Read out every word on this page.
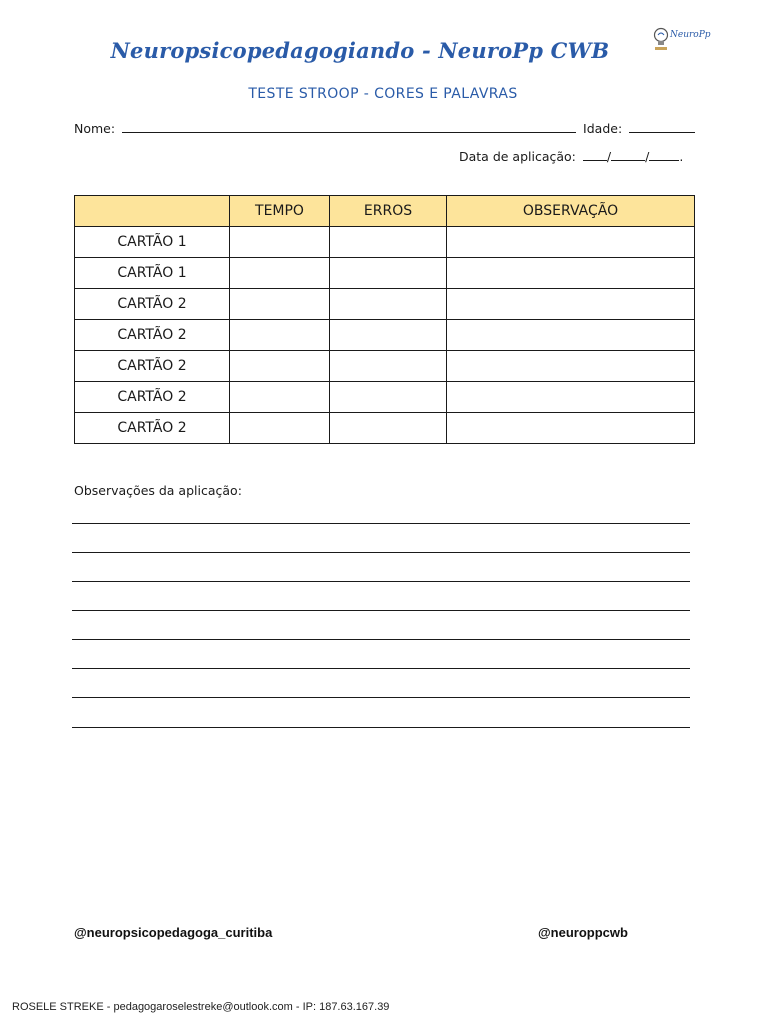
Neuropsicopedagogiando - NeuroPp CWB
NeuroPp
TESTE STROOP - CORES E PALAVRAS
Nome:	Idade:
Data de aplicação: /	/ .
	TEMPO	ERROS	OBSERVAÇÃO
CARTÃO 1			
CARTÃO 1			
CARTÃO 2			
CARTÃO 2			
CARTÃO 2			
CARTÃO 2			
CARTÃO 2			
Observações da aplicação:
@neuropsicopedagoga_curitiba	@neuroppcwb
ROSELE STREKE - pedagogaroselestreke@outlook.com - IP: 187.63.167.39
